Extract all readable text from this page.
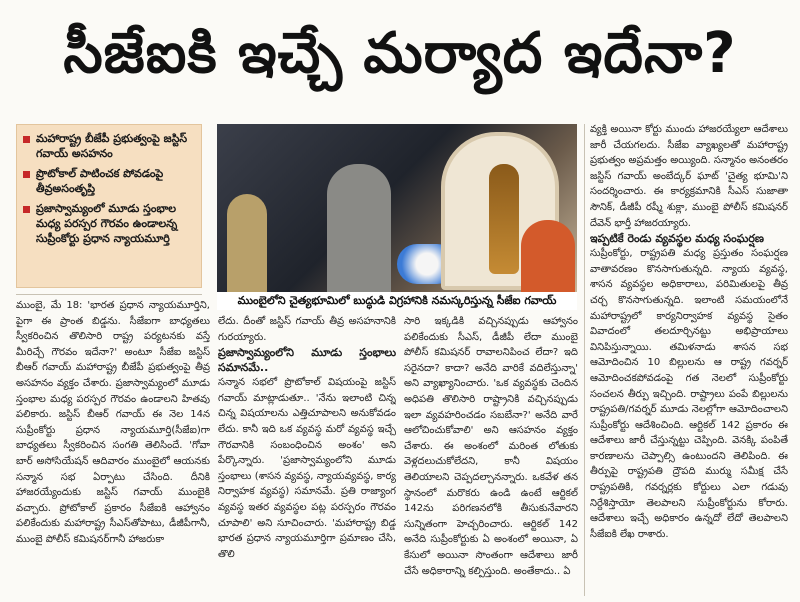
సీజేఐకి ఇచ్చే మర్యాద ఇదేనా?
మహారాష్ట్ర బీజేపీ ప్రభుత్వంపై జస్టిస్ గవాయ్ అసహనం
ప్రొటోకాల్ పాటించక పోవడంపై తీవ్రఅసంతృప్తి
ప్రజాస్వామ్యంలో మూడు స్తంభాల మధ్య పరస్పర గౌరవం ఉండాలన్న సుప్రీంకోర్టు ప్రధాన న్యాయమూర్తి
ముంబైలోని చైత్యభూమిలో బుద్ధుడి విగ్రహానికి నమస్కరిస్తున్న సీజేఐ గవాయ్
వ్యక్తి అయినా కోర్టు ముందు హాజరయ్యేలా ఆదేశాలు జారీ చేయగలదు. సీజేఐ వ్యాఖ్యలతో మహారాష్ట్ర ప్రభుత్వం అప్రమత్తం అయ్యింది. సన్మానం అనంతరం జస్టిస్ గవాయ్ అంబేద్కర్ ఘాట్ 'చైత్య భూమి'ని సందర్శించారు. ఈ కార్యక్రమానికి సీఎస్ సుజాతా సౌనిక్, డీజీపీ రష్మీ శుక్లా, ముంబై పోలీస్ కమిషనర్ దేవెన్ భార్తీ హాజరయ్యారు.
ఇప్పటికే రెండు వ్యవస్థల మధ్య సంఘర్షణ
సుప్రీంకోర్టు, రాష్ట్రపతి మధ్య ప్రస్తుతం సంఘర్షణ వాతావరణం కొనసాగుతున్నది. న్యాయ వ్యవస్థ, శాసన వ్యవస్థల అధికారాలు, పరిమితులపై తీవ్ర చర్చ కొనసాగుతున్నది. ఇలాంటి సమయంలోనే మహారాష్ట్రలో కార్యనిర్వాహక వ్యవస్థ సైతం వివాదంలో తలదూర్చినట్టు అభిప్రాయాలు వినిపిస్తున్నాయి. తమిళనాడు శాసన సభ ఆమోదించిన 10 బిల్లులను ఆ రాష్ట్ర గవర్నర్ ఆమోదించకపోవడంపై గత నెలలో సుప్రీంకోర్టు సంచలన తీర్పు ఇచ్చింది. రాష్ట్రాలు పంపే బిల్లులను రాష్ట్రపతి/గవర్నర్ మూడు నెలల్లోగా ఆమోదించాలని సుప్రీంకోర్టు ఆదేశించింది. ఆర్టికల్ 142 ప్రకారం ఈ ఆదేశాలు జారీ చేస్తున్నట్టు చెప్పింది. వెనక్కి పంపితే కారణాలను చెప్పాల్సి ఉంటుందని తెలిపింది. ఈ తీర్పుపై రాష్ట్రపతి ద్రౌపది ముర్ము సమీక్ష చేసే రాష్ట్రపతికి, గవర్నర్లకు కోర్టులు ఎలా గడువు నిర్దేశిస్తాయో తెలపాలని సుప్రీంకోర్టును కోరారు. ఆదేశాలు ఇచ్చే అధికారం ఉన్నదో లేదో తెలపాలని సీజేఐకి లేఖ రాశారు.
ముంబై, మే 18: 'భారత ప్రధాన న్యాయమూర్తిని, పైగా ఈ ప్రాంత బిడ్డను. సీజేఐగా బాధ్యతలు స్వీకరించిన తొలిసారి రాష్ట్ర పర్యటనకు వస్తే మీరిచ్చే గౌరవం ఇదేనా?' అంటూ సీజేఐ జస్టిస్ బీఆర్ గవాయ్ మహారాష్ట్ర బీజేపీ ప్రభుత్వంపై తీవ్ర అసహనం వ్యక్తం చేశారు. ప్రజాస్వామ్యంలో మూడు స్తంభాల మధ్య పరస్పర గౌరవం ఉండాలని హితవు పలికారు. జస్టిస్ బీఆర్ గవాయ్ ఈ నెల 14న సుప్రీంకోర్టు ప్రధాన న్యాయమూర్తి(సీజేఐ)గా బాధ్యతలు స్వీకరించిన సంగతి తెలిసిందే. 'గోవా బార్ అసోసియేషన్ ఆదివారం ముంబైలో ఆయనకు సన్మాన సభ ఏర్పాటు చేసింది. దీనికి హాజరయ్యేందుకు జస్టిస్ గవాయ్ ముంబైకి వచ్చారు. ప్రోటోకాల్ ప్రకారం సీజేఐకి ఆహ్వానం పలికేందుకు మహారాష్ట్ర సీఎస్‌తోపాటు, డీజీపీగానీ, ముంబై పోలీస్ కమిషనర్‌గానీ హాజరుకా
లేదు. దీంతో జస్టిస్ గవాయ్ తీవ్ర అసహనానికి గురయ్యారు.
ప్రజాస్వామ్యంలోని మూడు స్తంభాలు సమానమే..
సన్మాన సభలో ప్రొటోకాల్ విషయంపై జస్టిస్ గవాయ్ మాట్లాడుతూ.. 'నేను ఇలాంటి చిన్న చిన్న విషయాలను ఎత్తిచూపాలని అనుకోవడం లేదు. కానీ ఇది ఒక వ్యవస్థ మరో వ్యవస్థ ఇచ్చే గౌరవానికి సంబంధించిన అంశం' అని పేర్కొన్నారు. 'ప్రజాస్వామ్యంలోని మూడు స్తంభాలు (శాసన వ్యవస్థ, న్యాయవ్యవస్థ, కార్య నిర్వాహక వ్యవస్థ) సమానమే. ప్రతి రాజ్యాంగ వ్యవస్థ ఇతర వ్యవస్థల పట్ల పరస్పరం గౌరవం చూపాలి' అని సూచించారు. 'మహారాష్ట్ర బిడ్డ భారత ప్రధాన న్యాయమూర్తిగా ప్రమాణం చేసి, తొలి
సారి ఇక్కడికి వచ్చినప్పుడు ఆహ్వానం పలికేందుకు సీఎస్, డీజీపీ లేదా ముంబై పోలీస్ కమిషనర్ రావాలనిపించ లేదా? ఇది సరైనదా? కాదా? అనేది వారికే వదిలేస్తున్నా' అని వ్యాఖ్యానించారు. 'ఒక వ్యవస్థకు చెందిన అధిపతి తొలిసారి రాష్ట్రానికి వచ్చినప్పుడు ఇలా వ్యవహరించడం సబబేనా?' అనేది వారే ఆలోచించుకోవాలి' అని ఆసహనం వ్యక్తం చేశారు. ఈ అంశంలో మరింత లోతుకు వెళ్లదలుచుకోలేదని, కానీ విషయం తెలియాలని చెప్పదల్చానన్నారు. ఒకవేళ తన స్థానంలో మరొకరు ఉండి ఉంటే ఆర్టికల్ 142ను పరిగణనలోకి తీసుకునేవారని సున్నితంగా హెచ్చరించారు. ఆర్టికల్ 142 అనేది సుప్రీంకోర్టుకు ఏ అంశంలో అయినా, ఏ కేసులో అయినా సొంతంగా ఆదేశాలు జారీ చేసే అధికారాన్ని కల్పిస్తుంది. అంతేకాదు.. ఏ
